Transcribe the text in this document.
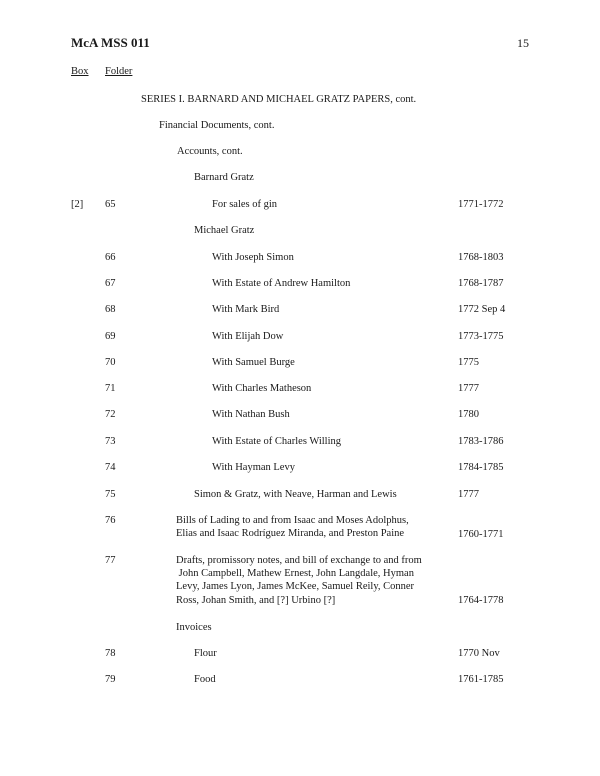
McA MSS 011	15
Box Folder
SERIES I. BARNARD AND MICHAEL GRATZ PAPERS, cont.
Financial Documents, cont.
Accounts, cont.
Barnard Gratz
[2] 65	For sales of gin	1771-1772
Michael Gratz
66	With Joseph Simon	1768-1803
67	With Estate of Andrew Hamilton	1768-1787
68	With Mark Bird	1772 Sep 4
69	With Elijah Dow	1773-1775
70	With Samuel Burge	1775
71	With Charles Matheson	1777
72	With Nathan Bush	1780
73	With Estate of Charles Willing	1783-1786
74	With Hayman Levy	1784-1785
75	Simon & Gratz, with Neave, Harman and Lewis	1777
76	Bills of Lading to and from Isaac and Moses Adolphus,
Elias and Isaac Rodríguez Miranda, and Preston Paine	1760-1771
77	Drafts, promissory notes, and bill of exchange to and from
John Campbell, Mathew Ernest, John Langdale, Hyman
Levy, James Lyon, James McKee, Samuel Reily, Conner
Ross, Johan Smith, and [?] Urbino [?]	1764-1778
Invoices
78	Flour	1770 Nov
79	Food	1761-1785
